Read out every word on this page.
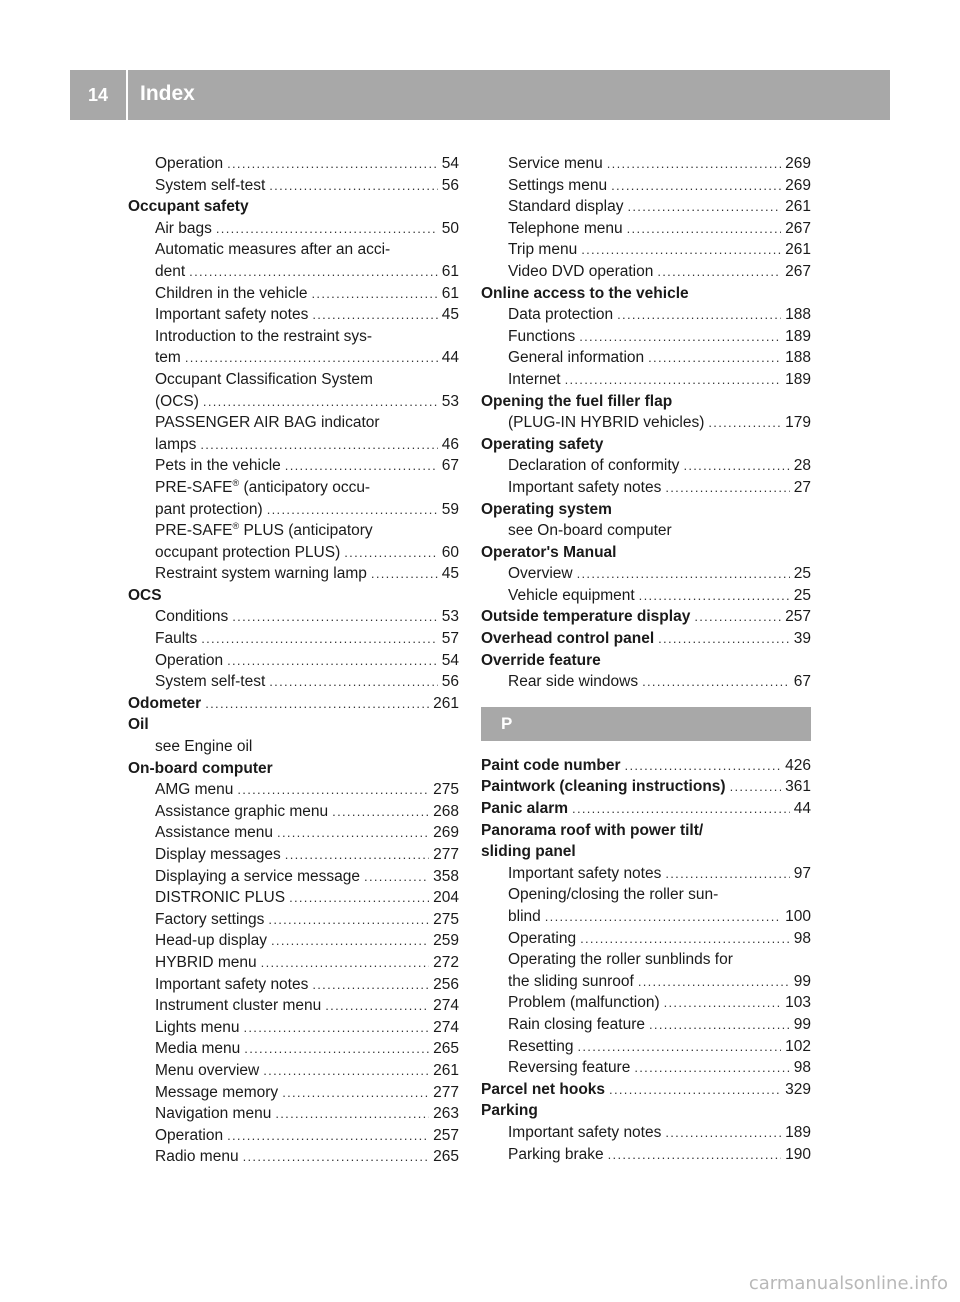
14	Index
Operation .....	54
System self-test .....	56
Occupant safety
Air bags .....	50
Automatic measures after an acci-
dent .....	61
Children in the vehicle .....	61
Important safety notes .....	45
Introduction to the restraint sys-
tem .....	44
Occupant Classification System
(OCS) .....	53
PASSENGER AIR BAG indicator
lamps .....	46
Pets in the vehicle .....	67
PRE-SAFE® (anticipatory occu-
pant protection) .....	59
PRE-SAFE® PLUS (anticipatory
occupant protection PLUS) .....	60
Restraint system warning lamp .....	45
OCS
Conditions .....	53
Faults .....	57
Operation .....	54
System self-test .....	56
Odometer .....	261
Oil
see Engine oil
On-board computer
AMG menu .....	275
Assistance graphic menu .....	268
Assistance menu .....	269
Display messages .....	277
Displaying a service message .....	358
DISTRONIC PLUS .....	204
Factory settings .....	275
Head-up display .....	259
HYBRID menu .....	272
Important safety notes .....	256
Instrument cluster menu .....	274
Lights menu .....	274
Media menu .....	265
Menu overview .....	261
Message memory .....	277
Navigation menu .....	263
Operation .....	257
Radio menu .....	265
Service menu .....	269
Settings menu .....	269
Standard display .....	261
Telephone menu .....	267
Trip menu .....	261
Video DVD operation .....	267
Online access to the vehicle
Data protection .....	188
Functions .....	189
General information .....	188
Internet .....	189
Opening the fuel filler flap
(PLUG-IN HYBRID vehicles) .....	179
Operating safety
Declaration of conformity .....	28
Important safety notes .....	27
Operating system
see On-board computer
Operator's Manual
Overview .....	25
Vehicle equipment .....	25
Outside temperature display .....	257
Overhead control panel .....	39
Override feature
Rear side windows .....	67
P
Paint code number .....	426
Paintwork (cleaning instructions) .....	361
Panic alarm .....	44
Panorama roof with power tilt/
sliding panel
Important safety notes .....	97
Opening/closing the roller sun-
blind .....	100
Operating .....	98
Operating the roller sunblinds for
the sliding sunroof .....	99
Problem (malfunction) .....	103
Rain closing feature .....	99
Resetting .....	102
Reversing feature .....	98
Parcel net hooks .....	329
Parking
Important safety notes .....	189
Parking brake .....	190
carmanualsonline.info
